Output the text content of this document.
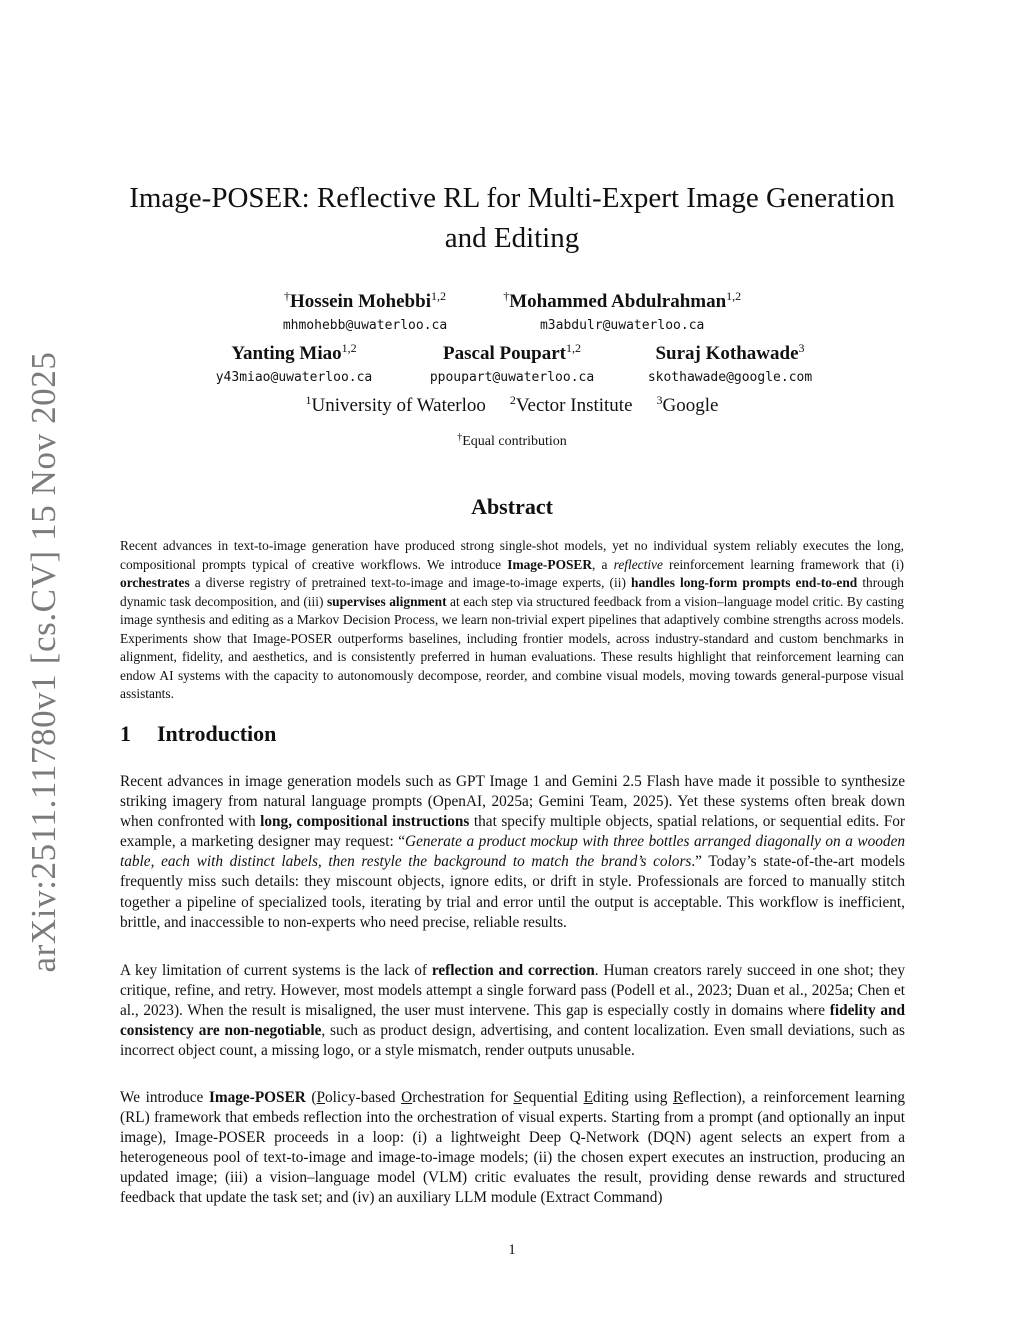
arXiv:2511.11780v1 [cs.CV] 15 Nov 2025
Image-POSER: Reflective RL for Multi-Expert Image Generation
and Editing
†Hossein Mohebbi$^{1,2}$
mhmohebb@uwaterloo.ca
†Mohammed Abdulrahman$^{1,2}$
m3abdulr@uwaterloo.ca
Yanting Miao$^{1,2}$
y43miao@uwaterloo.ca
Pascal Poupart$^{1,2}$
ppoupart@uwaterloo.ca
Suraj Kothawade$^3$
skothawade@google.com
$^1$University of Waterloo $^2$Vector Institute $^3$Google
†Equal contribution
Abstract

Recent advances in text-to-image generation have produced strong single-shot models, yet no individual system reliably executes the long, compositional prompts typical of creative workflows. We introduce Image-POSER, a reflective reinforcement learning framework that (i) orchestrates a diverse registry of pretrained text-to-image and image-to-image experts, (ii) handles long-form prompts end-to-end through dynamic task decomposition, and (iii) supervises alignment at each step via structured feedback from a vision–language model critic. By casting image synthesis and editing as a Markov Decision Process, we learn non-trivial expert pipelines that adaptively combine strengths across models. Experiments show that Image-POSER outperforms baselines, including frontier models, across industry-standard and custom benchmarks in alignment, fidelity, and aesthetics, and is consistently preferred in human evaluations. These results highlight that reinforcement learning can endow AI systems with the capacity to autonomously decompose, reorder, and combine visual models, moving towards general-purpose visual assistants.

1 Introduction

Recent advances in image generation models such as GPT Image 1 and Gemini 2.5 Flash have made it possible to synthesize striking imagery from natural language prompts (OpenAI, 2025a; Gemini Team, 2025). Yet these systems often break down when confronted with long, compositional instructions that specify multiple objects, spatial relations, or sequential edits. For example, a marketing designer may request: “Generate a product mockup with three bottles arranged diagonally on a wooden table, each with distinct labels, then restyle the background to match the brand’s colors.” Today’s state-of-the-art models frequently miss such details: they miscount objects, ignore edits, or drift in style. Professionals are forced to manually stitch together a pipeline of specialized tools, iterating by trial and error until the output is acceptable. This workflow is inefficient, brittle, and inaccessible to non-experts who need precise, reliable results.

A key limitation of current systems is the lack of reflection and correction. Human creators rarely succeed in one shot; they critique, refine, and retry. However, most models attempt a single forward pass (Podell et al., 2023; Duan et al., 2025a; Chen et al., 2023). When the result is misaligned, the user must intervene. This gap is especially costly in domains where fidelity and consistency are non-negotiable, such as product design, advertising, and content localization. Even small deviations, such as incorrect object count, a missing logo, or a style mismatch, render outputs unusable.

We introduce Image-POSER (Policy-based Orchestration for Sequential Editing using Reflection), a reinforcement learning (RL) framework that embeds reflection into the orchestration of visual experts. Starting from a prompt (and optionally an input image), Image-POSER proceeds in a loop: (i) a lightweight Deep Q-Network (DQN) agent selects an expert from a heterogeneous pool of text-to-image and image-to-image models; (ii) the chosen expert executes an instruction, producing an updated image; (iii) a vision–language model (VLM) critic evaluates the result, providing dense rewards and structured feedback that update the task set; and (iv) an auxiliary LLM module (Extract Command)

1
